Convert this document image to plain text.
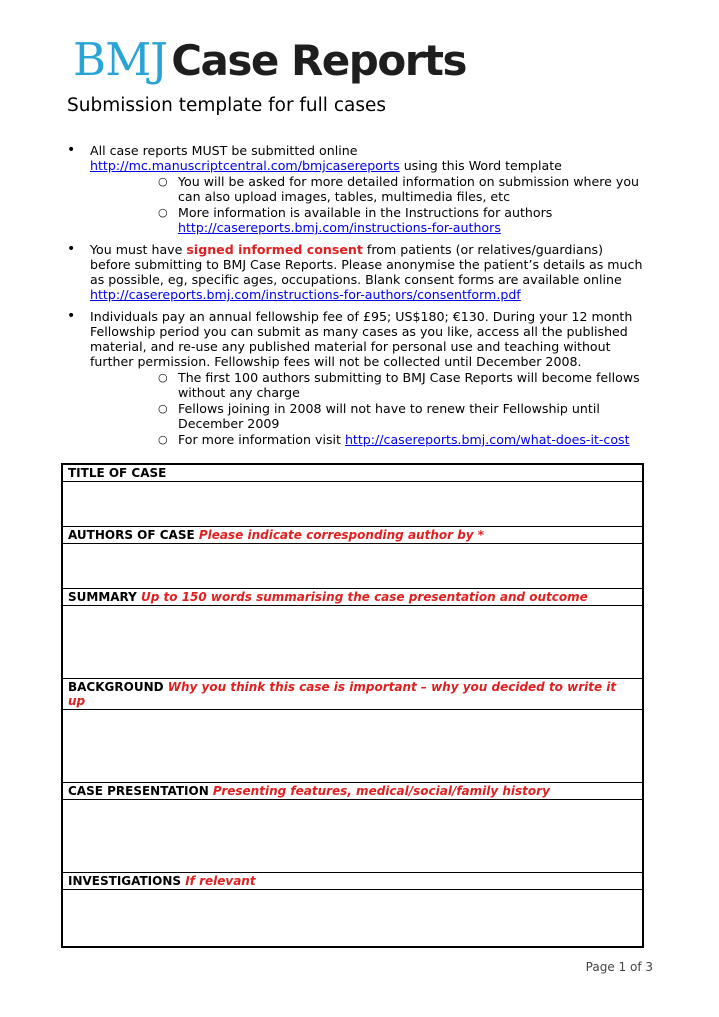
BMJCase Reports
Submission template for full cases
• All case reports MUST be submitted online
http://mc.manuscriptcentral.com/bmjcasereports using this Word template
○ You will be asked for more detailed information on submission where you can also upload images, tables, multimedia files, etc
○ More information is available in the Instructions for authors
http://casereports.bmj.com/instructions-for-authors
• You must have signed informed consent from patients (or relatives/guardians) before submitting to BMJ Case Reports. Please anonymise the patient’s details as much as possible, eg, specific ages, occupations. Blank consent forms are available online
http://casereports.bmj.com/instructions-for-authors/consentform.pdf
• Individuals pay an annual fellowship fee of £95; US$180; €130. During your 12 month Fellowship period you can submit as many cases as you like, access all the published material, and re-use any published material for personal use and teaching without further permission. Fellowship fees will not be collected until December 2008.
○ The first 100 authors submitting to BMJ Case Reports will become fellows without any charge
○ Fellows joining in 2008 will not have to renew their Fellowship until December 2009
○ For more information visit http://casereports.bmj.com/what-does-it-cost
TITLE OF CASE
AUTHORS OF CASE Please indicate corresponding author by *
SUMMARY Up to 150 words summarising the case presentation and outcome
BACKGROUND Why you think this case is important – why you decided to write it up
CASE PRESENTATION Presenting features, medical/social/family history
INVESTIGATIONS If relevant
Page 1 of 3
